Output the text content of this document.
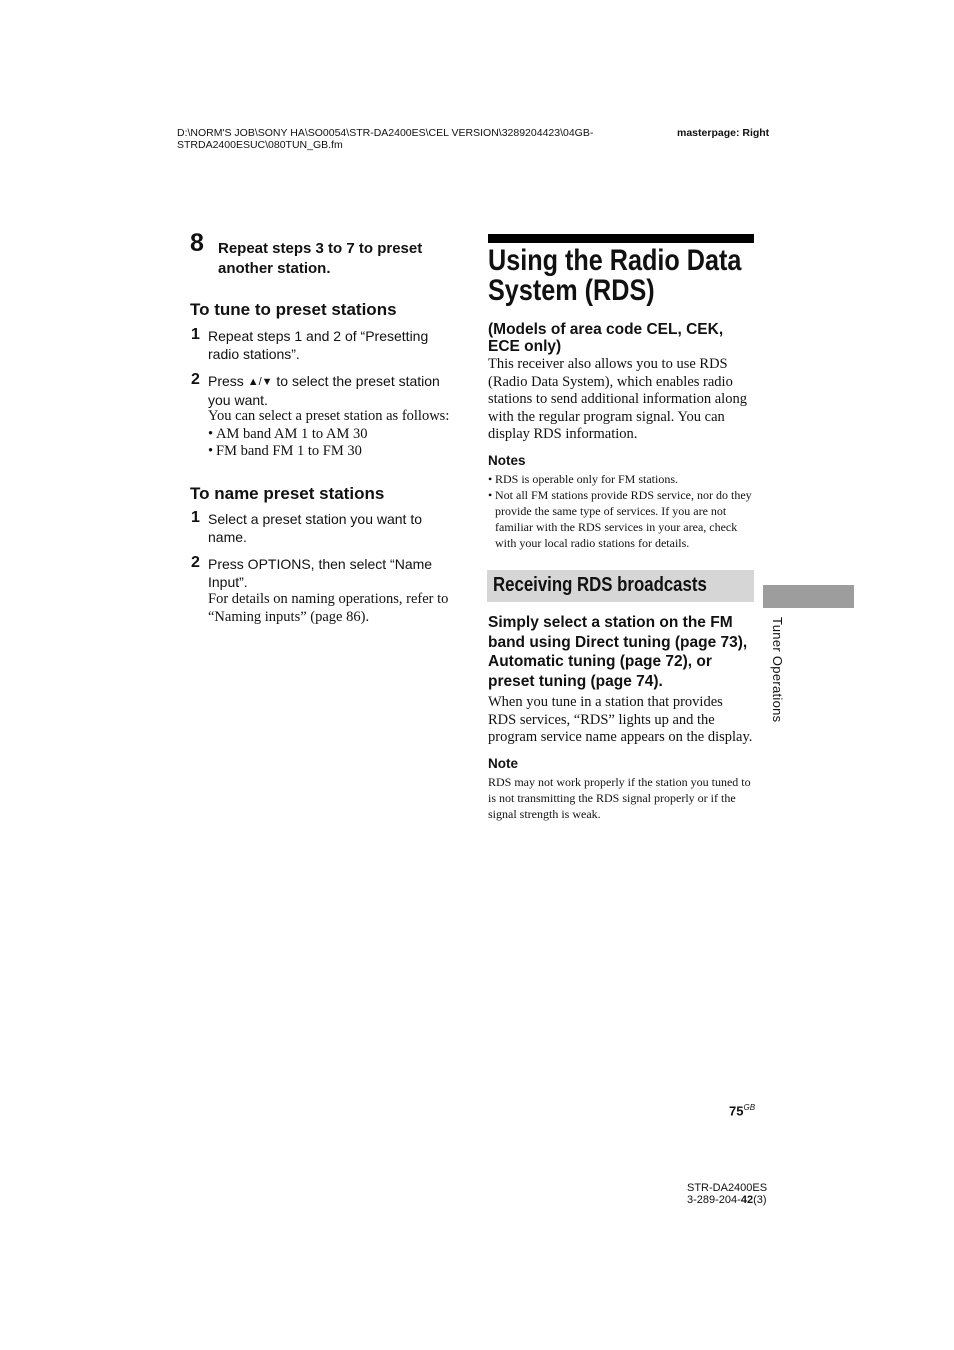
D:\NORM'S JOB\SONY HA\SO0054\STR-DA2400ES\CEL VERSION\3289204423\04GB-
STRDA2400ESUC\080TUN_GB.fm
masterpage: Right
8 Repeat steps 3 to 7 to preset another station.
To tune to preset stations
1 Repeat steps 1 and 2 of “Presetting radio stations”.
2 Press ▲/▼ to select the preset station you want.
You can select a preset station as follows:
• AM band AM 1 to AM 30
• FM band FM 1 to FM 30
To name preset stations
1 Select a preset station you want to name.
2 Press OPTIONS, then select “Name Input”.
For details on naming operations, refer to “Naming inputs” (page 86).
Using the Radio Data
System (RDS)
(Models of area code CEL, CEK, ECE only)
This receiver also allows you to use RDS (Radio Data System), which enables radio stations to send additional information along with the regular program signal. You can display RDS information.
Notes
• RDS is operable only for FM stations.
• Not all FM stations provide RDS service, nor do they provide the same type of services. If you are not familiar with the RDS services in your area, check with your local radio stations for details.
Receiving RDS broadcasts
Simply select a station on the FM band using Direct tuning (page 73), Automatic tuning (page 72), or preset tuning (page 74).
When you tune in a station that provides RDS services, “RDS” lights up and the program service name appears on the display.
Note
RDS may not work properly if the station you tuned to is not transmitting the RDS signal properly or if the signal strength is weak.
Tuner Operations
$75^{GB}$
STR-DA2400ES
3-289-204-42(3)
